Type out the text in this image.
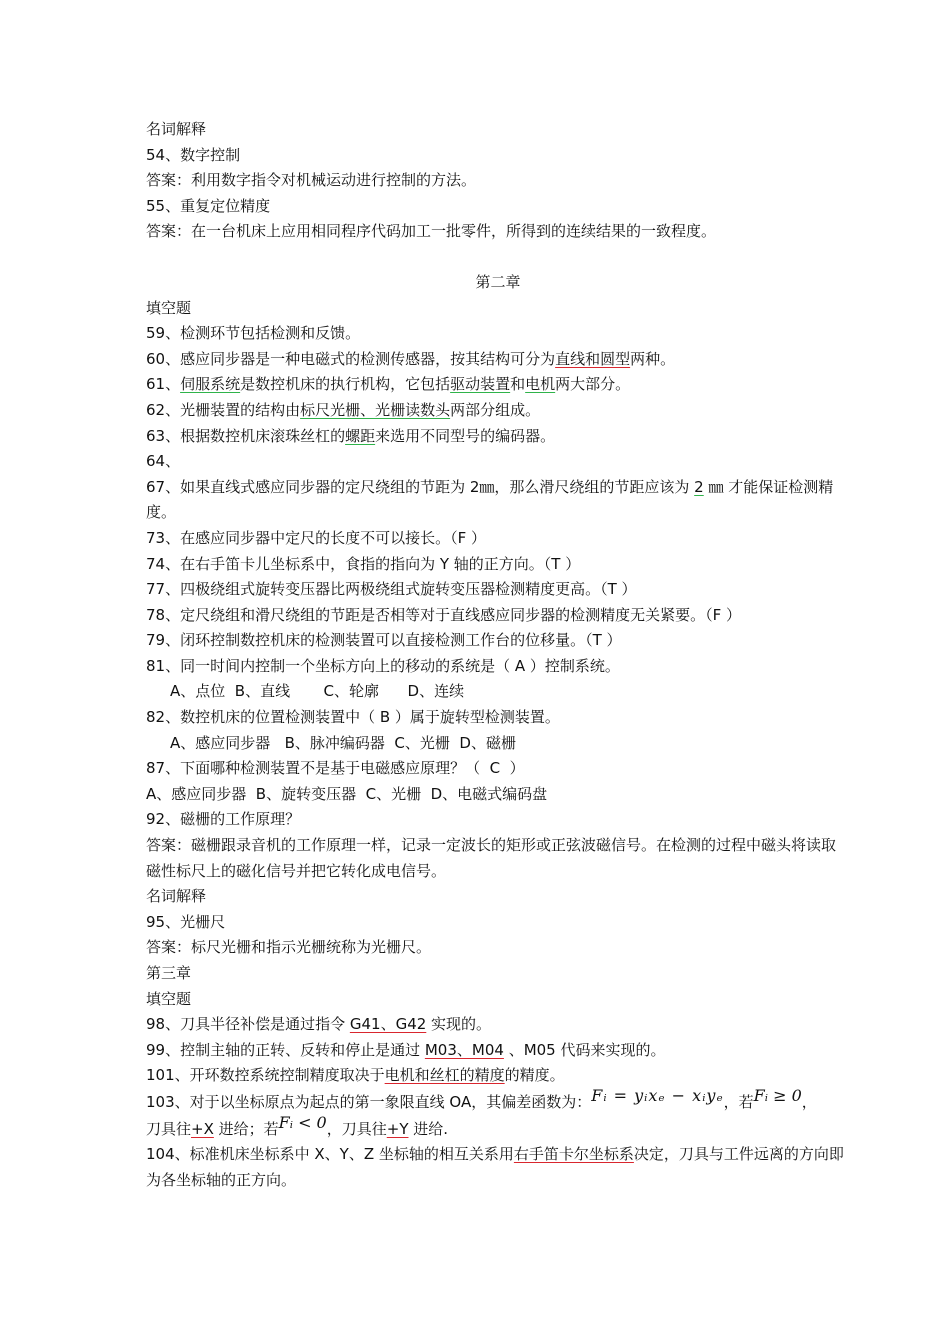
名词解释
54、数字控制
答案：利用数字指令对机械运动进行控制的方法。
55、重复定位精度
答案：在一台机床上应用相同程序代码加工一批零件，所得到的连续结果的一致程度。
第二章
填空题
59、检测环节包括检测和反馈。
60、感应同步器是一种电磁式的检测传感器，按其结构可分为直线和圆型两种。
61、伺服系统是数控机床的执行机构，它包括驱动装置和电机两大部分。
62、光栅装置的结构由标尺光栅、光栅读数头两部分组成。
63、根据数控机床滚珠丝杠的螺距来选用不同型号的编码器。
64、
67、如果直线式感应同步器的定尺绕组的节距为 2㎜，那么滑尺绕组的节距应该为 2 ㎜ 才能保证检测精度。
73、在感应同步器中定尺的长度不可以接长。（F ）
74、在右手笛卡儿坐标系中，食指的指向为 Y 轴的正方向。（T ）
77、四极绕组式旋转变压器比两极绕组式旋转变压器检测精度更高。（T ）
78、定尺绕组和滑尺绕组的节距是否相等对于直线感应同步器的检测精度无关紧要。（F ）
79、闭环控制数控机床的检测装置可以直接检测工作台的位移量。（T ）
81、同一时间内控制一个坐标方向上的移动的系统是（ A ）控制系统。
A、点位  B、直线       C、轮廓      D、连续
82、数控机床的位置检测装置中（ B ）属于旋转型检测装置。
A、感应同步器   B、脉冲编码器  C、光栅  D、磁栅
87、下面哪种检测装置不是基于电磁感应原理？（  C  ）
A、感应同步器  B、旋转变压器  C、光栅  D、电磁式编码盘
92、磁栅的工作原理？
答案：磁栅跟录音机的工作原理一样，记录一定波长的矩形或正弦波磁信号。在检测的过程中磁头将读取磁性标尺上的磁化信号并把它转化成电信号。
名词解释
95、光栅尺
答案：标尺光栅和指示光栅统称为光栅尺。
第三章
填空题
98、刀具半径补偿是通过指令 G41、G42 实现的。
99、控制主轴的正转、反转和停止是通过 M03、M04 、M05 代码来实现的。
101、开环数控系统控制精度取决于电机和丝杠的精度的精度。
103、对于以坐标原点为起点的第一象限直线 OA，其偏差函数为：Fᵢ = yᵢxₑ − xᵢyₑ，若Fᵢ ≥ 0，
刀具往+X 进给；若Fᵢ < 0，刀具往+Y 进给.
104、标准机床坐标系中 X、Y、Z 坐标轴的相互关系用右手笛卡尔坐标系决定，刀具与工件远离的方向即为各坐标轴的正方向。
